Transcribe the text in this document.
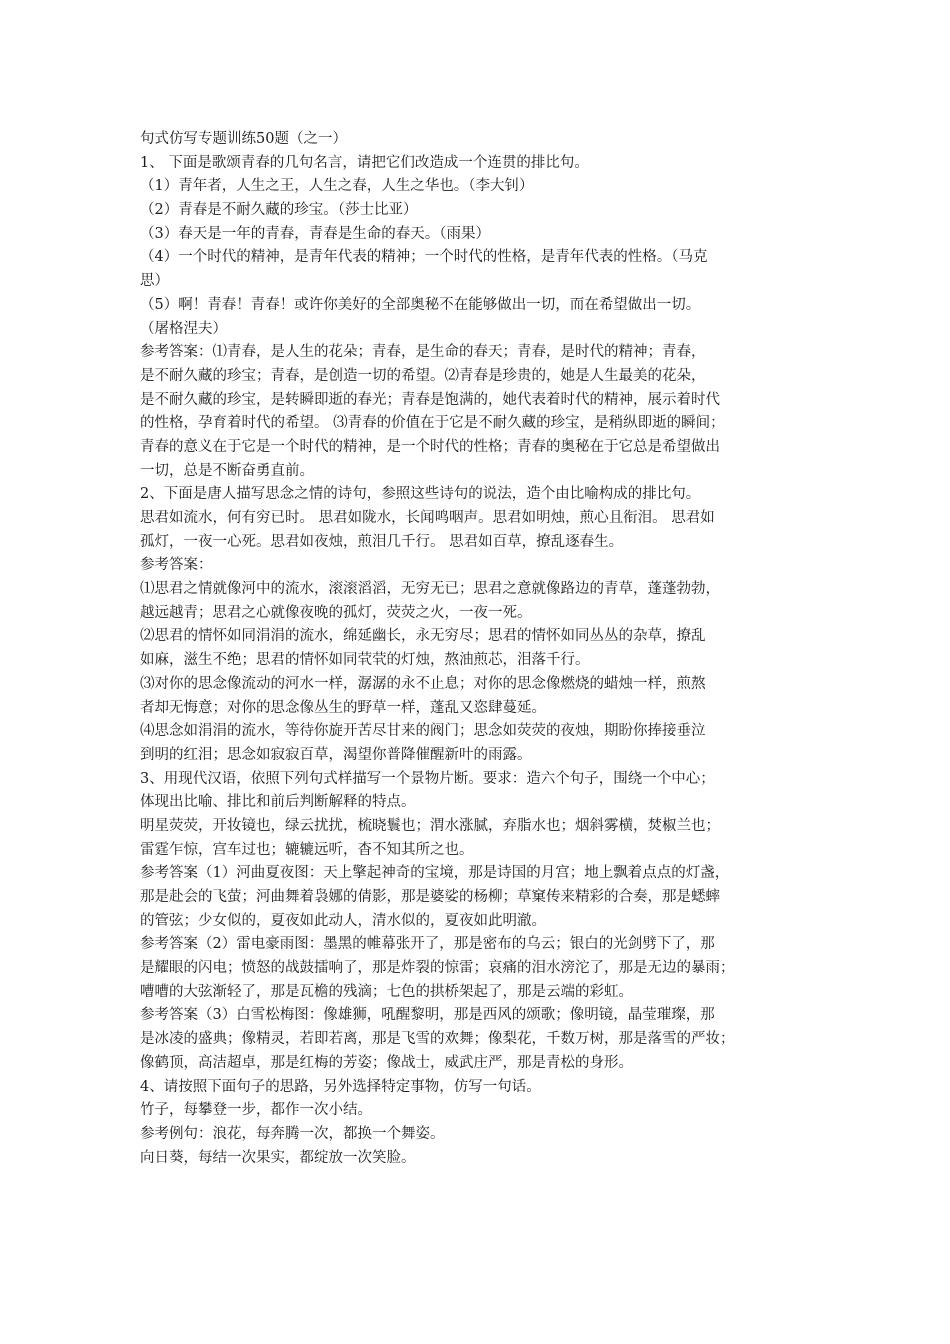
句式仿写专题训练50题（之一）
1、 下面是歌颂青春的几句名言，请把它们改造成一个连贯的排比句。
（1）青年者，人生之王，人生之春，人生之华也。（李大钊）
（2）青春是不耐久藏的珍宝。（莎士比亚）
（3）春天是一年的青春，青春是生命的春天。（雨果）
（4）一个时代的精神，是青年代表的精神；一个时代的性格，是青年代表的性格。（马克
思）
（5）啊！青春！青春！或许你美好的全部奥秘不在能够做出一切，而在希望做出一切。
（屠格涅夫）
参考答案：⑴青春，是人生的花朵；青春，是生命的春天；青春，是时代的精神；青春，
是不耐久藏的珍宝；青春，是创造一切的希望。⑵青春是珍贵的，她是人生最美的花朵，
是不耐久藏的珍宝，是转瞬即逝的春光；青春是饱满的，她代表着时代的精神，展示着时代
的性格，孕育着时代的希望。 ⑶青春的价值在于它是不耐久藏的珍宝，是稍纵即逝的瞬间；
青春的意义在于它是一个时代的精神，是一个时代的性格；青春的奥秘在于它总是希望做出
一切，总是不断奋勇直前。
2、下面是唐人描写思念之情的诗句，参照这些诗句的说法，造个由比喻构成的排比句。
思君如流水，何有穷已时。 思君如陇水，长闻鸣咽声。思君如明烛，煎心且衔泪。 思君如
孤灯，一夜一心死。思君如夜烛，煎泪几千行。 思君如百草，撩乱逐春生。
参考答案：
⑴思君之情就像河中的流水，滚滚滔滔，无穷无已；思君之意就像路边的青草，蓬蓬勃勃，
越远越青；思君之心就像夜晚的孤灯，荧荧之火，一夜一死。
⑵思君的情怀如同涓涓的流水，绵延幽长，永无穷尽；思君的情怀如同丛丛的杂草，撩乱
如麻，滋生不绝；思君的情怀如同茕茕的灯烛，熬油煎芯，泪落千行。
⑶对你的思念像流动的河水一样，潺潺的永不止息；对你的思念像燃烧的蜡烛一样，煎熬
者却无悔意；对你的思念像丛生的野草一样，蓬乱又恣肆蔓延。
⑷思念如涓涓的流水，等待你旋开苦尽甘来的阀门；思念如荧荧的夜烛，期盼你捧接垂泣
到明的红泪；思念如寂寂百草，渴望你普降催醒新叶的雨露。
3、用现代汉语，依照下列句式样描写一个景物片断。要求：造六个句子，围绕一个中心；
体现出比喻、排比和前后判断解释的特点。
明星荧荧，开妆镜也，绿云扰扰，梳晓鬟也；渭水涨腻，弃脂水也；烟斜雾横，焚椒兰也；
雷霆乍惊，宫车过也；辘辘远听，杳不知其所之也。
参考答案（1）河曲夏夜图：天上擎起神奇的宝境，那是诗国的月宫；地上飘着点点的灯盏，
那是赴会的飞萤；河曲舞着袅娜的倩影，那是婆娑的杨柳；草窠传来精彩的合奏，那是蟋蟀
的管弦；少女似的，夏夜如此动人，清水似的，夏夜如此明澈。
参考答案（2）雷电豪雨图：墨黑的帷幕张开了，那是密布的乌云；银白的光剑劈下了，那
是耀眼的闪电；愤怒的战鼓擂响了，那是炸裂的惊雷；哀痛的泪水滂沱了，那是无边的暴雨；
嘈嘈的大弦渐轻了，那是瓦檐的残滴；七色的拱桥架起了，那是云端的彩虹。
参考答案（3）白雪松梅图：像雄狮，吼醒黎明，那是西风的颂歌；像明镜，晶莹璀璨，那
是冰凌的盛典；像精灵，若即若离，那是飞雪的欢舞；像梨花，千数万树，那是落雪的严妆；
像鹤顶，高洁超卓，那是红梅的芳姿；像战士，威武庄严，那是青松的身形。
4、请按照下面句子的思路，另外选择特定事物，仿写一句话。
竹子，每攀登一步，都作一次小结。
参考例句：浪花，每奔腾一次，都换一个舞姿。
向日葵，每结一次果实，都绽放一次笑脸。
